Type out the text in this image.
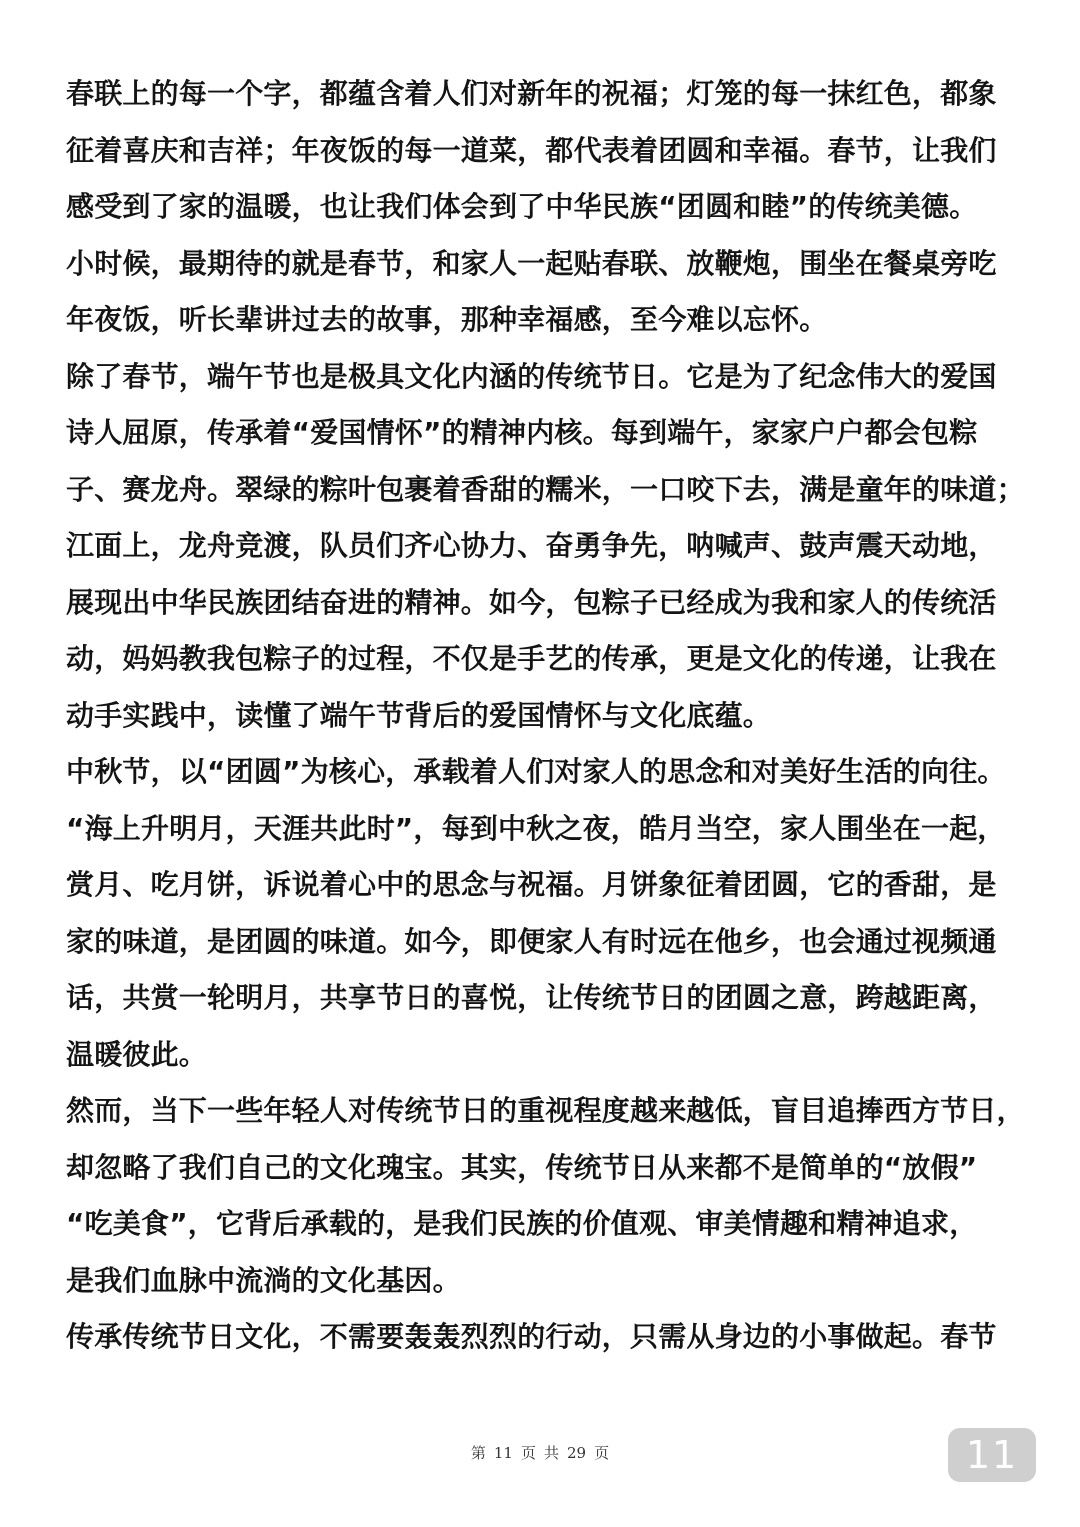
春联上的每一个字，都蕴含着人们对新年的祝福；灯笼的每一抹红色，都象
征着喜庆和吉祥；年夜饭的每一道菜，都代表着团圆和幸福。春节，让我们
感受到了家的温暖，也让我们体会到了中华民族“团圆和睦”的传统美德。
小时候，最期待的就是春节，和家人一起贴春联、放鞭炮，围坐在餐桌旁吃
年夜饭，听长辈讲过去的故事，那种幸福感，至今难以忘怀。
除了春节，端午节也是极具文化内涵的传统节日。它是为了纪念伟大的爱国
诗人屈原，传承着“爱国情怀”的精神内核。每到端午，家家户户都会包粽
子、赛龙舟。翠绿的粽叶包裹着香甜的糯米，一口咬下去，满是童年的味道；
江面上，龙舟竞渡，队员们齐心协力、奋勇争先，呐喊声、鼓声震天动地，
展现出中华民族团结奋进的精神。如今，包粽子已经成为我和家人的传统活
动，妈妈教我包粽子的过程，不仅是手艺的传承，更是文化的传递，让我在
动手实践中，读懂了端午节背后的爱国情怀与文化底蕴。
中秋节，以“团圆”为核心，承载着人们对家人的思念和对美好生活的向往。
“海上升明月，天涯共此时”，每到中秋之夜，皓月当空，家人围坐在一起，
赏月、吃月饼，诉说着心中的思念与祝福。月饼象征着团圆，它的香甜，是
家的味道，是团圆的味道。如今，即便家人有时远在他乡，也会通过视频通
话，共赏一轮明月，共享节日的喜悦，让传统节日的团圆之意，跨越距离，
温暖彼此。
然而，当下一些年轻人对传统节日的重视程度越来越低，盲目追捧西方节日，
却忽略了我们自己的文化瑰宝。其实，传统节日从来都不是简单的“放假”
“吃美食”，它背后承载的，是我们民族的价值观、审美情趣和精神追求，
是我们血脉中流淌的文化基因。
传承传统节日文化，不需要轰轰烈烈的行动，只需从身边的小事做起。春节
第 11 页 共 29 页	11
